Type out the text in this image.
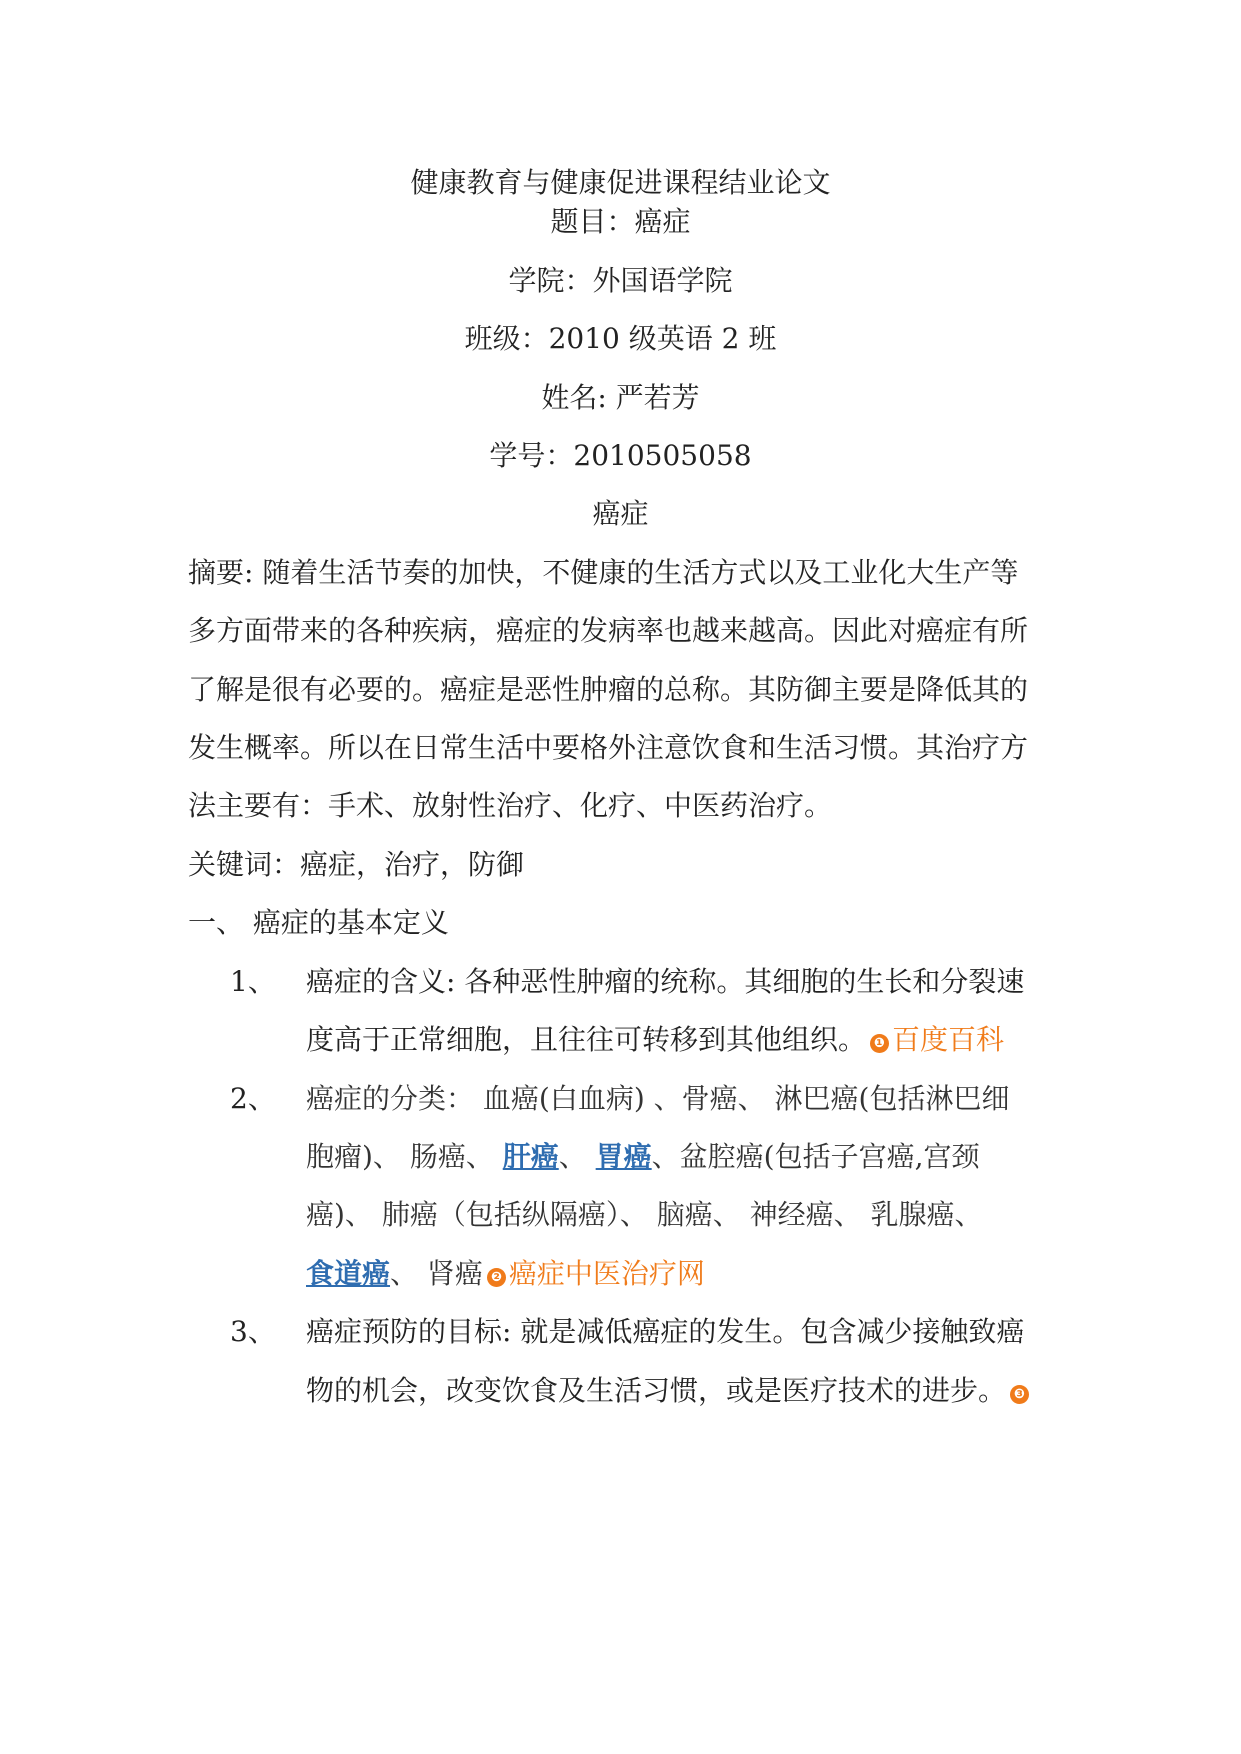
健康教育与健康促进课程结业论文
题目：癌症
学院：外国语学院
班级：2010 级英语 2 班
姓名: 严若芳
学号：2010505058
癌症
摘要: 随着生活节奏的加快，不健康的生活方式以及工业化大生产等
多方面带来的各种疾病，癌症的发病率也越来越高。因此对癌症有所
了解是很有必要的。癌症是恶性肿瘤的总称。其防御主要是降低其的
发生概率。所以在日常生活中要格外注意饮食和生活习惯。其治疗方
法主要有：手术、放射性治疗、化疗、中医药治疗。
关键词：癌症，治疗，防御
一、 癌症的基本定义
1、 癌症的含义: 各种恶性肿瘤的统称。其细胞的生长和分裂速
度高于正常细胞，且往往可转移到其他组织。 ❶ 百度百科
2、 癌症的分类： 血癌(白血病) 、骨癌、 淋巴癌(包括淋巴细
胞瘤)、 肠癌、 肝癌、 胃癌、盆腔癌(包括子宫癌,宫颈
癌)、 肺癌（包括纵隔癌）、 脑癌、 神经癌、 乳腺癌、
食道癌、 肾癌 ❷ 癌症中医治疗网
3、 癌症预防的目标: 就是减低癌症的发生。包含减少接触致癌
物的机会，改变饮食及生活习惯，或是医疗技术的进步。 ❸
